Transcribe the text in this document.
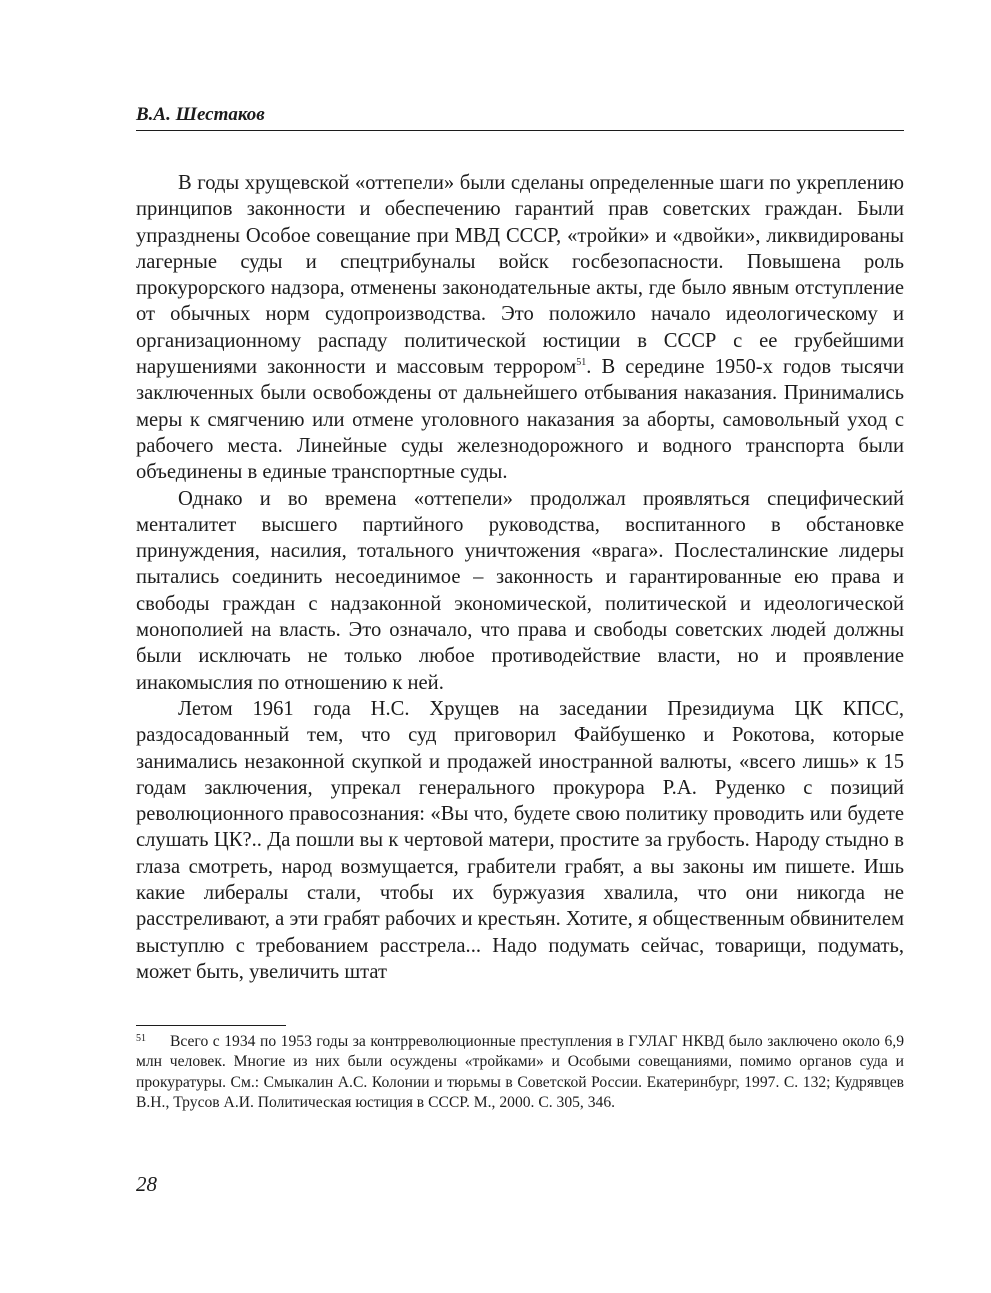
В.А. Шестаков

В годы хрущевской «оттепели» были сделаны определенные шаги по укреплению принципов законности и обеспечению гарантий прав советских граждан. Были упразднены Особое совещание при МВД СССР, «тройки» и «двойки», ликвидированы лагерные суды и спецтрибуналы войск госбезопасности. Повышена роль прокурорского надзора, отменены законодательные акты, где было явным отступление от обычных норм судопроизводства. Это положило начало идеологическому и организационному распаду политической юстиции в СССР с ее грубейшими нарушениями законности и массовым террором$^{51}$. В середине 1950-х годов тысячи заключенных были освобождены от дальнейшего отбывания наказания. Принимались меры к смягчению или отмене уголовного наказания за аборты, самовольный уход с рабочего места. Линейные суды железнодорожного и водного транспорта были объединены в единые транспортные суды.

Однако и во времена «оттепели» продолжал проявляться специфический менталитет высшего партийного руководства, воспитанного в обстановке принуждения, насилия, тотального уничтожения «врага». Послесталинские лидеры пытались соединить несоединимое – законность и гарантированные ею права и свободы граждан с надзаконной экономической, политической и идеологической монополией на власть. Это означало, что права и свободы советских людей должны были исключать не только любое противодействие власти, но и проявление инакомыслия по отношению к ней.

Летом 1961 года Н.С. Хрущев на заседании Президиума ЦК КПСС, раздосадованный тем, что суд приговорил Файбушенко и Рокотова, которые занимались незаконной скупкой и продажей иностранной валюты, «всего лишь» к 15 годам заключения, упрекал генерального прокурора Р.А. Руденко с позиций революционного правосознания: «Вы что, будете свою политику проводить или будете слушать ЦК?.. Да пошли вы к чертовой матери, простите за грубость. Народу стыдно в глаза смотреть, народ возмущается, грабители грабят, а вы законы им пишете. Ишь какие либералы стали, чтобы их буржуазия хвалила, что они никогда не расстреливают, а эти грабят рабочих и крестьян. Хотите, я общественным обвинителем выступлю с требованием расстрела... Надо подумать сейчас, товарищи, подумать, может быть, увеличить штат

51 Всего с 1934 по 1953 годы за контрреволюционные преступления в ГУЛАГ НКВД было заключено около 6,9 млн человек. Многие из них были осуждены «тройками» и Особыми совещаниями, помимо органов суда и прокуратуры. См.: Смыкалин А.С. Колонии и тюрьмы в Советской России. Екатеринбург, 1997. С. 132; Кудрявцев В.Н., Трусов А.И. Политическая юстиция в СССР. М., 2000. С. 305, 346.

28
